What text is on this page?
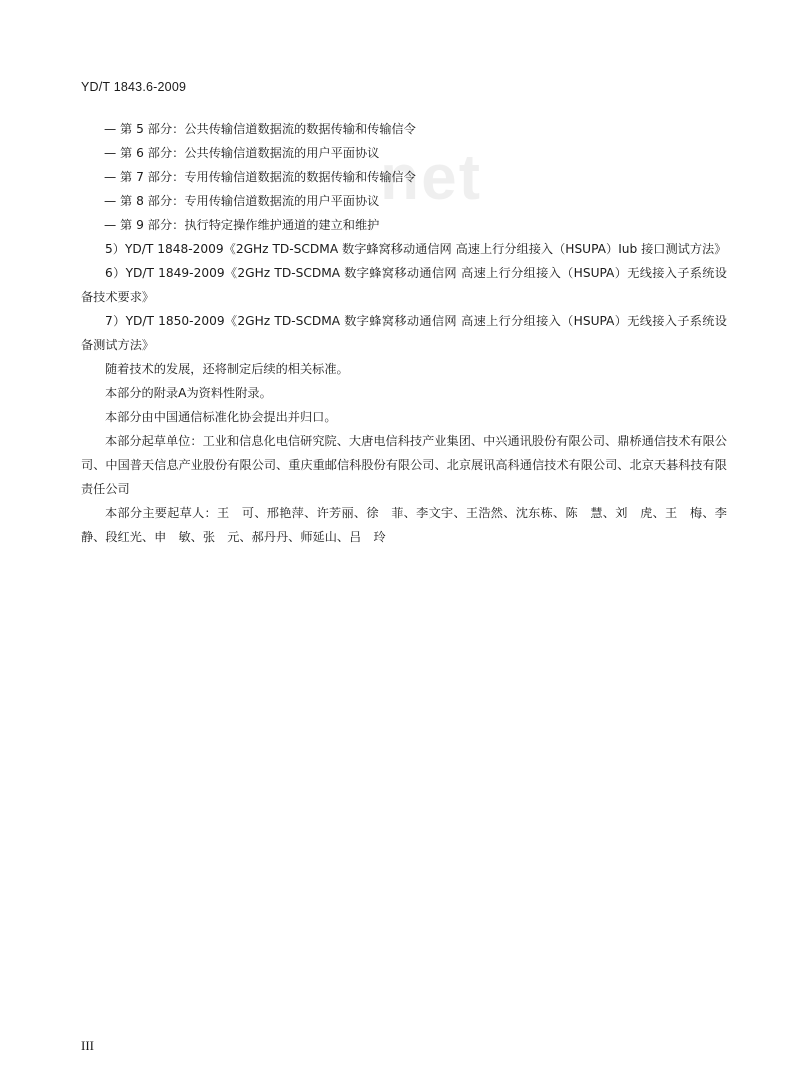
YD/T 1843.6-2009
net
— 第 5 部分：公共传输信道数据流的数据传输和传输信令
— 第 6 部分：公共传输信道数据流的用户平面协议
— 第 7 部分：专用传输信道数据流的数据传输和传输信令
— 第 8 部分：专用传输信道数据流的用户平面协议
— 第 9 部分：执行特定操作维护通道的建立和维护
5）YD/T 1848-2009《2GHz TD-SCDMA 数字蜂窝移动通信网 高速上行分组接入（HSUPA）Iub 接口测试方法》
6）YD/T 1849-2009《2GHz TD-SCDMA 数字蜂窝移动通信网 高速上行分组接入（HSUPA）无线接入子系统设备技术要求》
7）YD/T 1850-2009《2GHz TD-SCDMA 数字蜂窝移动通信网 高速上行分组接入（HSUPA）无线接入子系统设备测试方法》
随着技术的发展，还将制定后续的相关标准。
本部分的附录A为资料性附录。
本部分由中国通信标准化协会提出并归口。
本部分起草单位：工业和信息化电信研究院、大唐电信科技产业集团、中兴通讯股份有限公司、鼎桥通信技术有限公司、中国普天信息产业股份有限公司、重庆重邮信科股份有限公司、北京展讯高科通信技术有限公司、北京天碁科技有限责任公司
本部分主要起草人：王　可、邢艳萍、许芳丽、徐　菲、李文宇、王浩然、沈东栋、陈　慧、刘　虎、王　梅、李　静、段红光、申　敏、张　元、郝丹丹、师延山、吕　玲
III
